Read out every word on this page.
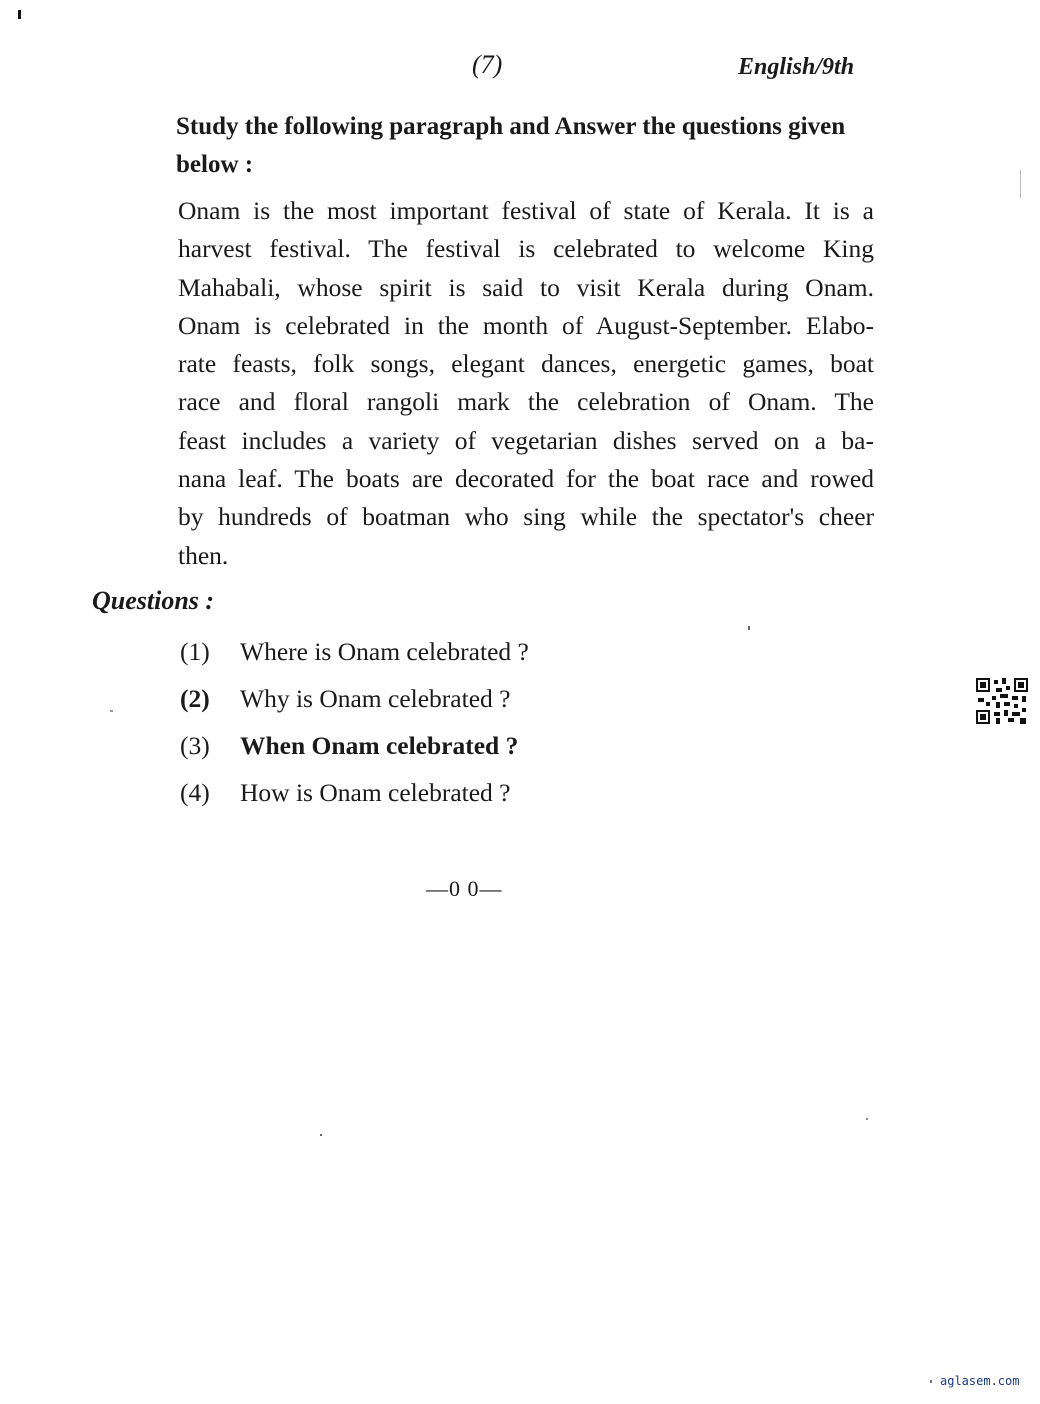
(7)	English/9th
Study the following paragraph and Answer the questions given below :
Onam is the most important festival of state of Kerala. It is a
harvest festival. The festival is celebrated to welcome King
Mahabali, whose spirit is said to visit Kerala during Onam.
Onam is celebrated in the month of August-September. Elabo-
rate feasts, folk songs, elegant dances, energetic games, boat
race and floral rangoli mark the celebration of Onam. The
feast includes a variety of vegetarian dishes served on a ba-
nana leaf. The boats are decorated for the boat race and rowed
by hundreds of boatman who sing while the spectator's cheer
then.
Questions :
(1) Where is Onam celebrated ?
(2) Why is Onam celebrated ?
(3) When Onam celebrated ?
(4) How is Onam celebrated ?
—0 0—
aglasem.com
